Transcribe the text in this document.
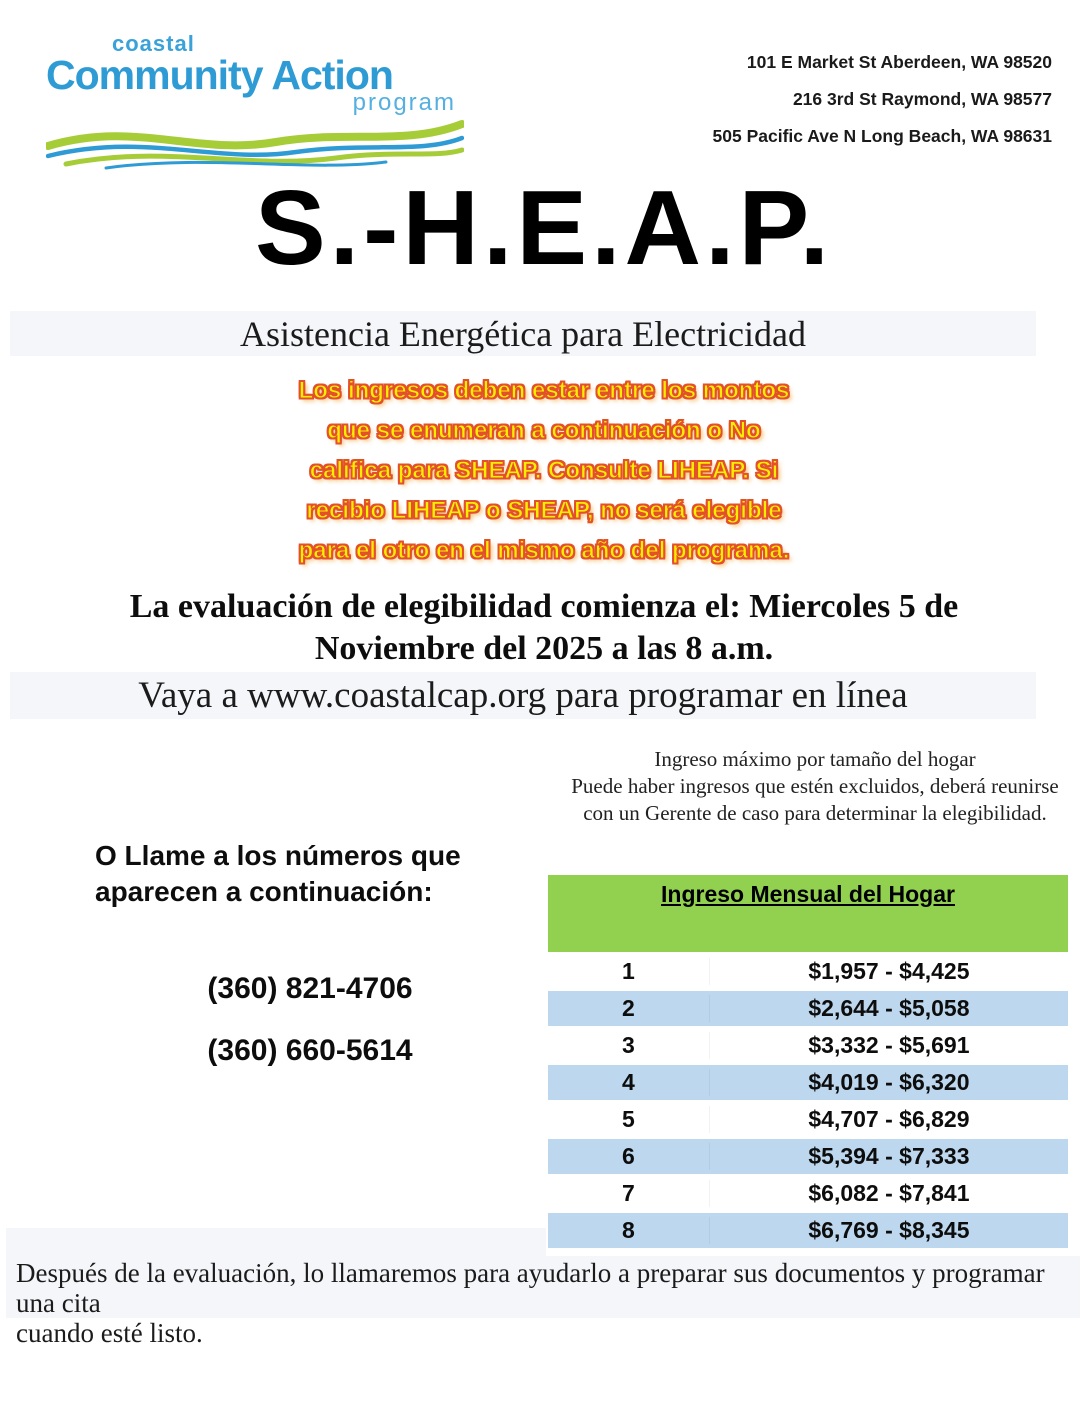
coastal
Community Action
program
101 E Market St Aberdeen, WA 98520
216 3rd St Raymond, WA 98577
505 Pacific Ave N Long Beach, WA 98631
S.-H.E.A.P.
Asistencia Energética para Electricidad
Los ingresos deben estar entre los montos
que se enumeran a continuación o No
califica para SHEAP. Consulte LIHEAP. Si
recibio LIHEAP o SHEAP, no será elegible
para el otro en el mismo año del programa.
La evaluación de elegibilidad comienza el: Miercoles 5 de
Noviembre del 2025 a las 8 a.m.
Vaya a www.coastalcap.org para programar en línea
Ingreso máximo por tamaño del hogar
Puede haber ingresos que estén excluidos, deberá reunirse
con un Gerente de caso para determinar la elegibilidad.
O Llame a los números que
aparecen a continuación:
(360) 821-4706
(360) 660-5614
Ingreso Mensual del Hogar
1	$1,957 - $4,425
2	$2,644 - $5,058
3	$3,332 - $5,691
4	$4,019 - $6,320
5	$4,707 - $6,829
6	$5,394 - $7,333
7	$6,082 - $7,841
8	$6,769 - $8,345
Después de la evaluación, lo llamaremos para ayudarlo a preparar sus documentos y programar una cita
cuando esté listo.
